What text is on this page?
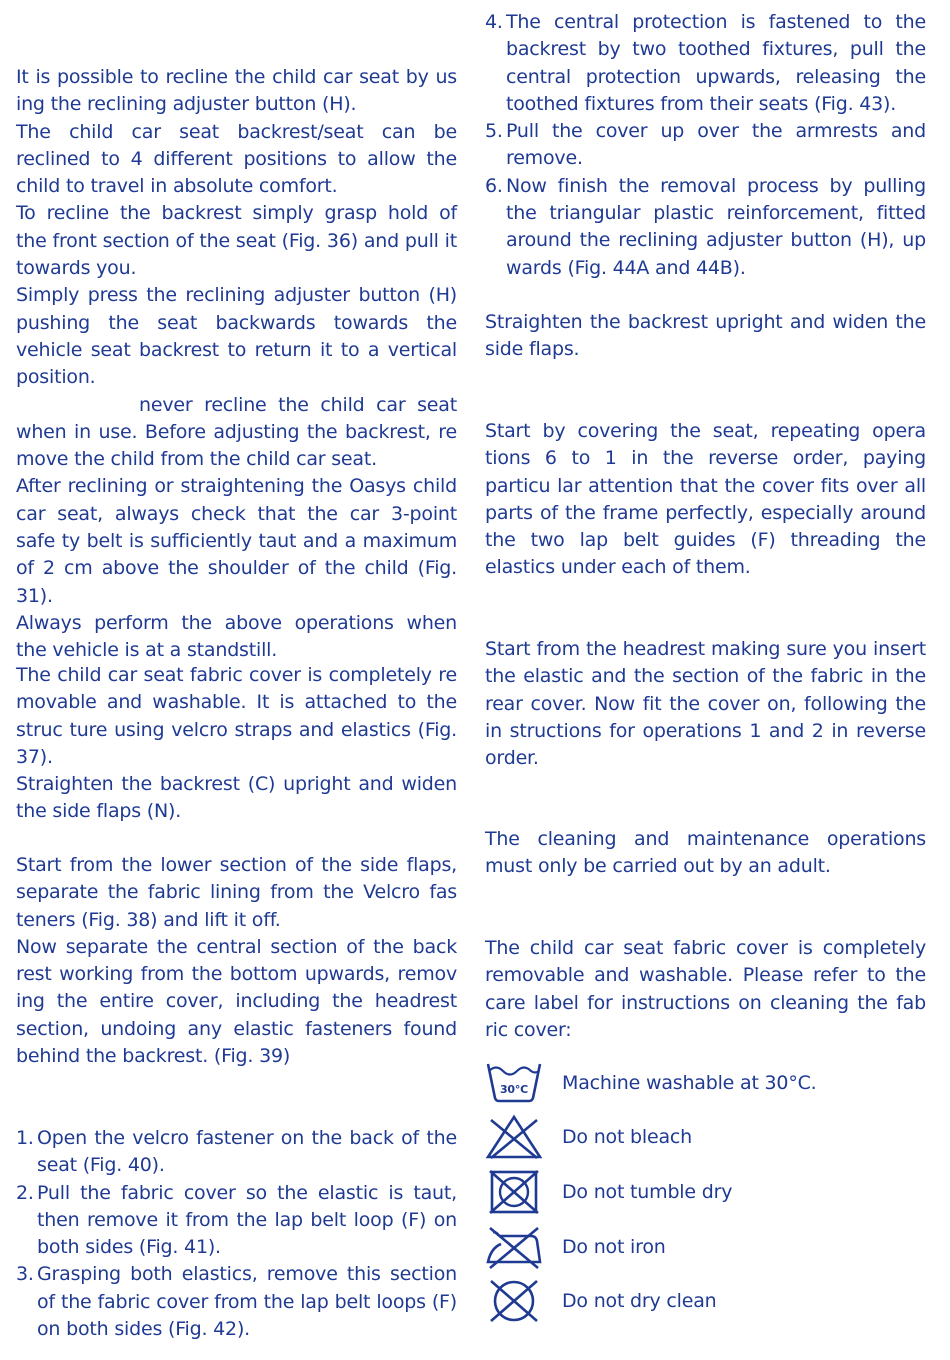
It is possible to recline the child car seat by us ing the reclining adjuster button (H).

The child car seat backrest/seat can be reclined to 4 different positions to allow the child to travel in absolute comfort.

To recline the backrest simply grasp hold of the front section of the seat (Fig. 36) and pull it towards you.

Simply press the reclining adjuster button (H) pushing the seat backwards towards the vehicle seat backrest to return it to a vertical position.

never recline the child car seat when in use. Before adjusting the backrest, re move the child from the child car seat.

After reclining or straightening the Oasys child car seat, always check that the car 3-point safe ty belt is sufficiently taut and a maximum of 2 cm above the shoulder of the child (Fig. 31).

Always perform the above operations when the vehicle is at a standstill.

The child car seat fabric cover is completely re movable and washable. It is attached to the struc ture using velcro straps and elastics (Fig. 37).

Straighten the backrest (C) upright and widen the side flaps (N).

Start from the lower section of the side flaps, separate the fabric lining from the Velcro fas teners (Fig. 38) and lift it off.

Now separate the central section of the back rest working from the bottom upwards, remov ing the entire cover, including the headrest section, undoing any elastic fasteners found behind the backrest. (Fig. 39)

1. Open the velcro fastener on the back of the seat (Fig. 40).
2. Pull the fabric cover so the elastic is taut, then remove it from the lap belt loop (F) on both sides (Fig. 41).
3. Grasping both elastics, remove this section of the fabric cover from the lap belt loops (F) on both sides (Fig. 42).
4. The central protection is fastened to the backrest by two toothed fixtures, pull the central protection upwards, releasing the toothed fixtures from their seats (Fig. 43).
5. Pull the cover up over the armrests and remove.
6. Now finish the removal process by pulling the triangular plastic reinforcement, fitted around the reclining adjuster button (H), up wards (Fig. 44A and 44B).

Straighten the backrest upright and widen the side flaps.

Start by covering the seat, repeating opera tions 6 to 1 in the reverse order, paying particu lar attention that the cover fits over all parts of the frame perfectly, especially around the two lap belt guides (F) threading the elastics under each of them.

Start from the headrest making sure you insert the elastic and the section of the fabric in the rear cover. Now fit the cover on, following the in structions for operations 1 and 2 in reverse order.

The cleaning and maintenance operations must only be carried out by an adult.

The child car seat fabric cover is completely removable and washable. Please refer to the care label for instructions on cleaning the fab ric cover:

30°C Machine washable at 30°C.
Do not bleach
Do not tumble dry
Do not iron
Do not dry clean
